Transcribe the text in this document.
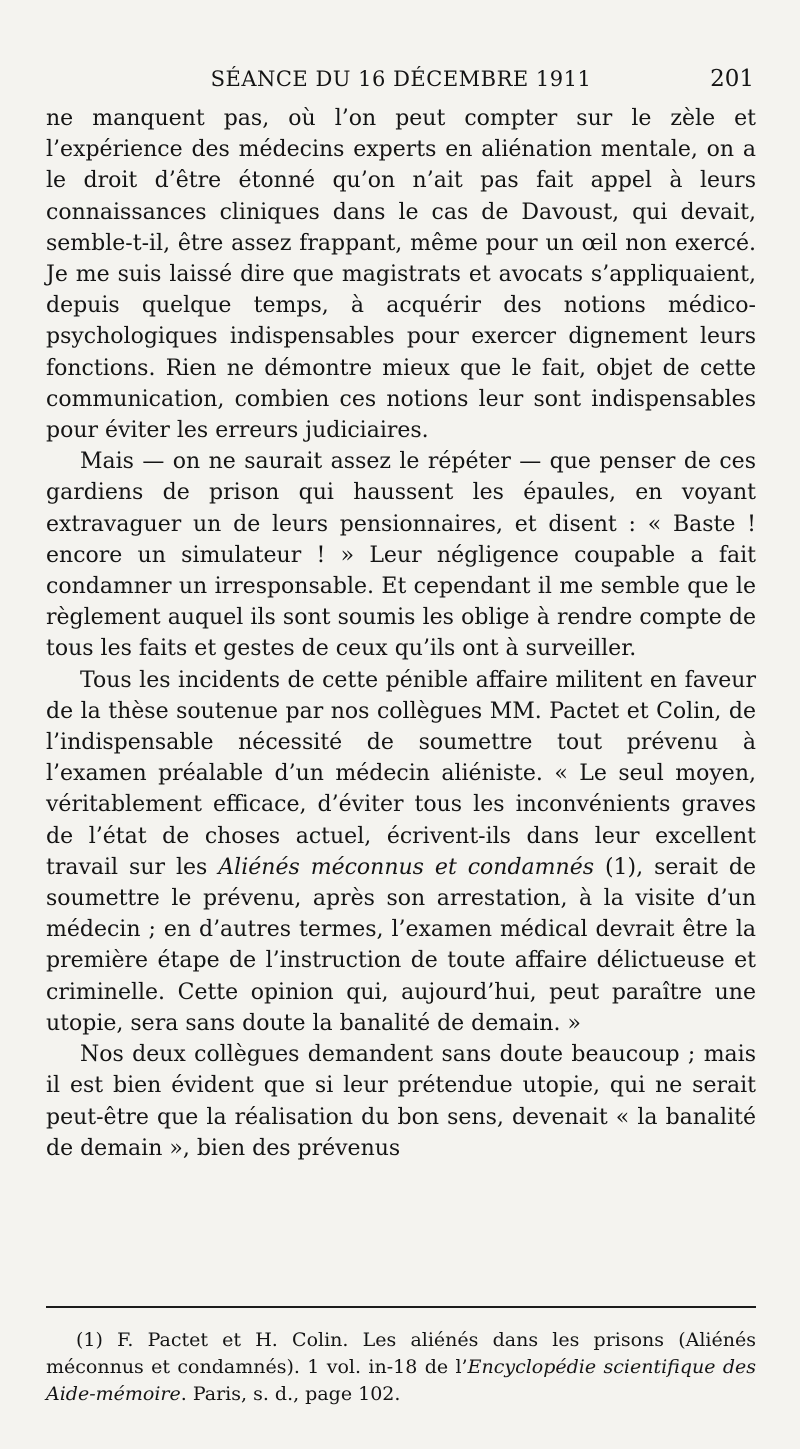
SÉANCE DU 16 DÉCEMBRE 1911	201

ne manquent pas, où l’on peut compter sur le zèle et l’expérience des médecins experts en aliénation mentale, on a le droit d’être étonné qu’on n’ait pas fait appel à leurs connaissances cliniques dans le cas de Davoust, qui devait, semble-t-il, être assez frappant, même pour un œil non exercé. Je me suis laissé dire que magistrats et avocats s’appliquaient, depuis quelque temps, à acquérir des notions médico-psychologiques indispensables pour exercer dignement leurs fonctions. Rien ne démontre mieux que le fait, objet de cette communication, combien ces notions leur sont indispensables pour éviter les erreurs judiciaires.

Mais — on ne saurait assez le répéter — que penser de ces gardiens de prison qui haussent les épaules, en voyant extravaguer un de leurs pensionnaires, et disent : « Baste ! encore un simulateur ! » Leur négligence coupable a fait condamner un irresponsable. Et cependant il me semble que le règlement auquel ils sont soumis les oblige à rendre compte de tous les faits et gestes de ceux qu’ils ont à surveiller.

Tous les incidents de cette pénible affaire militent en faveur de la thèse soutenue par nos collègues MM. Pactet et Colin, de l’indispensable nécessité de soumettre tout prévenu à l’examen préalable d’un médecin aliéniste. « Le seul moyen, véritablement efficace, d’éviter tous les inconvénients graves de l’état de choses actuel, écrivent-ils dans leur excellent travail sur les Aliénés méconnus et condamnés (1), serait de soumettre le prévenu, après son arrestation, à la visite d’un médecin ; en d’autres termes, l’examen médical devrait être la première étape de l’instruction de toute affaire délictueuse et criminelle. Cette opinion qui, aujourd’hui, peut paraître une utopie, sera sans doute la banalité de demain. »

Nos deux collègues demandent sans doute beaucoup ; mais il est bien évident que si leur prétendue utopie, qui ne serait peut-être que la réalisation du bon sens, devenait « la banalité de demain », bien des prévenus

(1) F. Pactet et H. Colin. Les aliénés dans les prisons (Aliénés méconnus et condamnés). 1 vol. in-18 de l’Encyclopédie scientifique des Aide-mémoire. Paris, s. d., page 102.
